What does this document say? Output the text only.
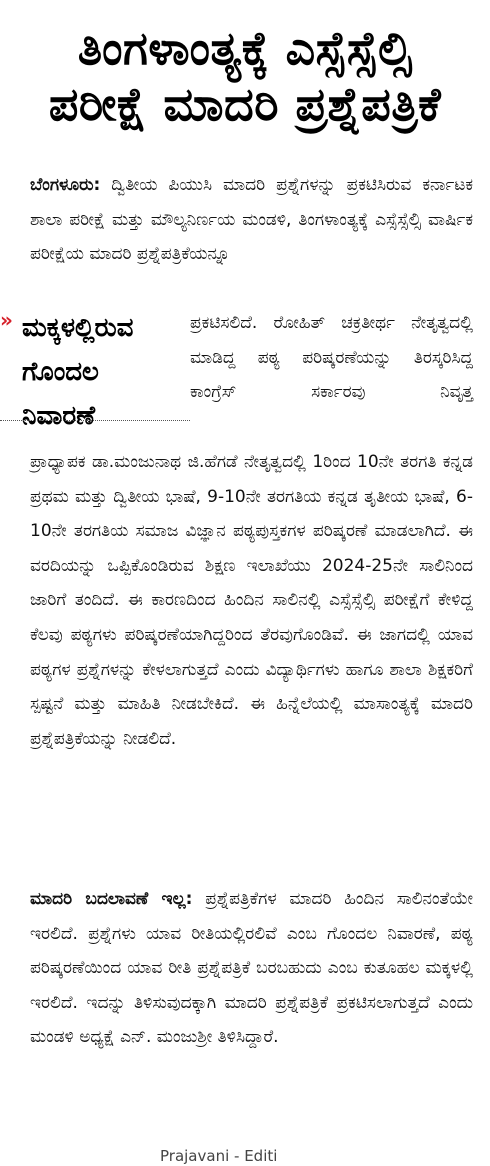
ತಿಂಗಳಾಂತ್ಯಕ್ಕೆ ಎಸ್ಸೆಸ್ಸೆಲ್ಸಿ
ಪರೀಕ್ಷೆ ಮಾದರಿ ಪ್ರಶ್ನೆಪತ್ರಿಕೆ
ಬೆಂಗಳೂರು: ದ್ವಿತೀಯ ಪಿಯುಸಿ ಮಾದರಿ ಪ್ರಶ್ನೆಗಳನ್ನು ಪ್ರಕಟಿಸಿರುವ ಕರ್ನಾಟಕ ಶಾಲಾ ಪರೀಕ್ಷೆ ಮತ್ತು ಮೌಲ್ಯನಿರ್ಣಯ ಮಂಡಳಿ, ತಿಂಗಳಾಂತ್ಯಕ್ಕೆ ಎಸ್ಸೆಸ್ಸೆಲ್ಸಿ ವಾರ್ಷಿಕ ಪರೀಕ್ಷೆಯ ಮಾದರಿ ಪ್ರಶ್ನೆಪತ್ರಿಕೆಯನ್ನೂ
» ಮಕ್ಕಳಲ್ಲಿರುವ
ಗೊಂದಲ
ನಿವಾರಣೆ
ಪ್ರಕಟಿಸಲಿದೆ. ರೋಹಿತ್ ಚಕ್ರತೀರ್ಥ ನೇತೃತ್ವದಲ್ಲಿ ಮಾಡಿದ್ದ ಪಠ್ಯ ಪರಿಷ್ಕರಣೆಯನ್ನು ತಿರಸ್ಕರಿಸಿದ್ದ ಕಾಂಗ್ರೆಸ್ ಸರ್ಕಾರವು ನಿವೃತ್ತ
ಪ್ರಾಧ್ಯಾಪಕ ಡಾ.ಮಂಜುನಾಥ ಜಿ.ಹೆಗಡೆ ನೇತೃತ್ವದಲ್ಲಿ 1ರಿಂದ 10ನೇ ತರಗತಿ ಕನ್ನಡ ಪ್ರಥಮ ಮತ್ತು ದ್ವಿತೀಯ ಭಾಷೆ, 9-10ನೇ ತರಗತಿಯ ಕನ್ನಡ ತೃತೀಯ ಭಾಷೆ, 6-10ನೇ ತರಗತಿಯ ಸಮಾಜ ವಿಜ್ಞಾನ ಪಠ್ಯಪುಸ್ತಕಗಳ ಪರಿಷ್ಕರಣೆ ಮಾಡಲಾಗಿದೆ. ಈ ವರದಿಯನ್ನು ಒಪ್ಪಿಕೊಂಡಿರುವ ಶಿಕ್ಷಣ ಇಲಾಖೆಯು 2024-25ನೇ ಸಾಲಿನಿಂದ ಜಾರಿಗೆ ತಂದಿದೆ. ಈ ಕಾರಣದಿಂದ ಹಿಂದಿನ ಸಾಲಿನಲ್ಲಿ ಎಸ್ಸೆಸ್ಸೆಲ್ಸಿ ಪರೀಕ್ಷೆಗೆ ಕೇಳಿದ್ದ ಕೆಲವು ಪಠ್ಯಗಳು ಪರಿಷ್ಕರಣೆಯಾಗಿದ್ದರಿಂದ ತೆರವುಗೊಂಡಿವೆ. ಈ ಜಾಗದಲ್ಲಿ ಯಾವ ಪಠ್ಯಗಳ ಪ್ರಶ್ನೆಗಳನ್ನು ಕೇಳಲಾಗುತ್ತದೆ ಎಂದು ವಿದ್ಯಾರ್ಥಿಗಳು ಹಾಗೂ ಶಾಲಾ ಶಿಕ್ಷಕರಿಗೆ ಸ್ಪಷ್ಟನೆ ಮತ್ತು ಮಾಹಿತಿ ನೀಡಬೇಕಿದೆ. ಈ ಹಿನ್ನೆಲೆಯಲ್ಲಿ ಮಾಸಾಂತ್ಯಕ್ಕೆ ಮಾದರಿ ಪ್ರಶ್ನೆಪತ್ರಿಕೆಯನ್ನು ನೀಡಲಿದೆ.
ಮಾದರಿ ಬದಲಾವಣೆ ಇಲ್ಲ: ಪ್ರಶ್ನೆಪತ್ರಿಕೆಗಳ ಮಾದರಿ ಹಿಂದಿನ ಸಾಲಿನಂತೆಯೇ ಇರಲಿದೆ. ಪ್ರಶ್ನೆಗಳು ಯಾವ ರೀತಿಯಲ್ಲಿರಲಿವೆ ಎಂಬ ಗೊಂದಲ ನಿವಾರಣೆ, ಪಠ್ಯ ಪರಿಷ್ಕರಣೆಯಿಂದ ಯಾವ ರೀತಿ ಪ್ರಶ್ನೆಪತ್ರಿಕೆ ಬರಬಹುದು ಎಂಬ ಕುತೂಹಲ ಮಕ್ಕಳಲ್ಲಿ ಇರಲಿದೆ. ಇದನ್ನು ತಿಳಿಸುವುದಕ್ಕಾಗಿ ಮಾದರಿ ಪ್ರಶ್ನೆಪತ್ರಿಕೆ ಪ್ರಕಟಿಸಲಾಗುತ್ತದೆ ಎಂದು ಮಂಡಳಿ ಅಧ್ಯಕ್ಷೆ ಎನ್. ಮಂಜುಶ್ರೀ ತಿಳಿಸಿದ್ದಾರೆ.
Prajavani - Editi
